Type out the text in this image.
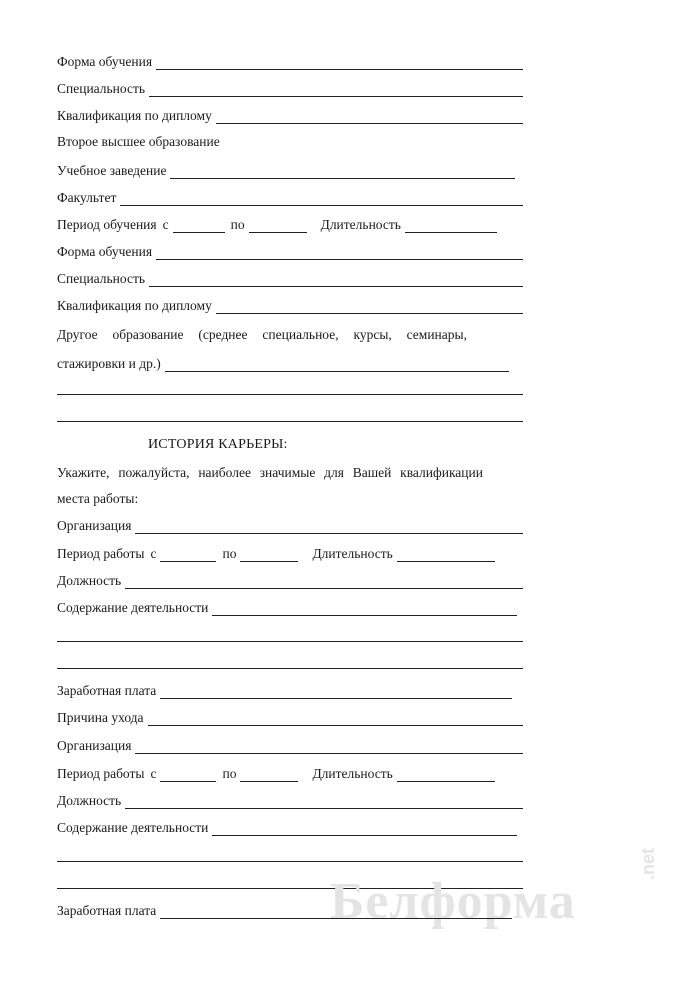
Форма обучения
Специальность
Квалификация по диплому
Второе высшее образование
Учебное заведение
Факультет
Период обучения с	по	Длительность
Форма обучения
Специальность
Квалификация по диплому
Другое образование (среднее специальное, курсы, семинары,
стажировки и др.)
ИСТОРИЯ КАРЬЕРЫ:
Укажите, пожалуйста, наиболее значимые для Вашей квалификации
места работы:
Организация
Период работы с	по	Длительность
Должность
Содержание деятельности
Заработная плата
Причина ухода
Организация
Период работы с	по	Длительность
Должность
Содержание деятельности
Белформа
.net
Заработная плата
